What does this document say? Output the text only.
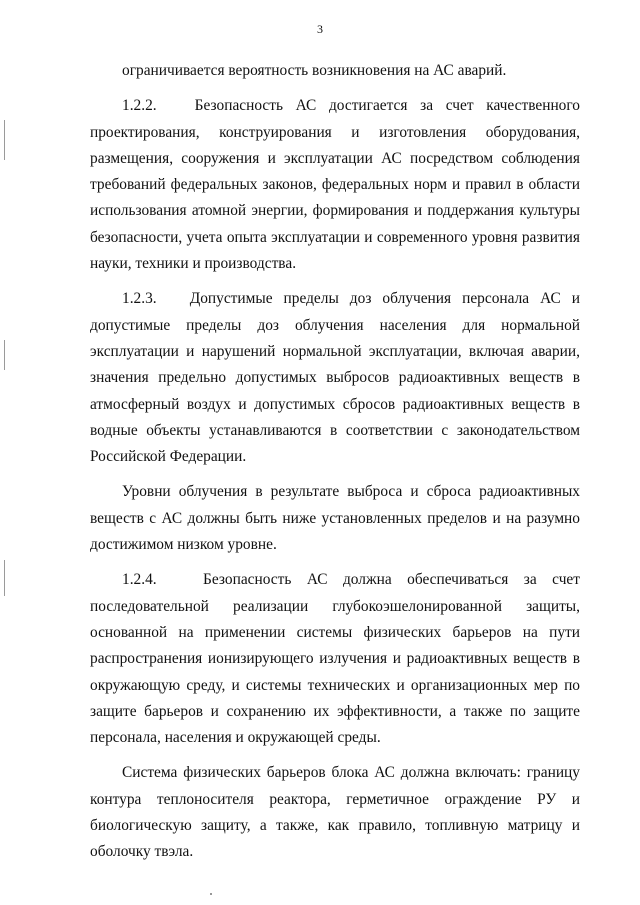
3

ограничивается вероятность возникновения на АС аварий.

1.2.2.   Безопасность АС достигается за счет качественного проектирования, конструирования и изготовления оборудования, размещения, сооружения и эксплуатации АС посредством соблюдения требований федеральных законов, федеральных норм и правил в области использования атомной энергии, формирования и поддержания культуры безопасности, учета опыта эксплуатации и современного уровня развития науки, техники и производства.

1.2.3.   Допустимые пределы доз облучения персонала АС и допустимые пределы доз облучения населения для нормальной эксплуатации и нарушений нормальной эксплуатации, включая аварии, значения предельно допустимых выбросов радиоактивных веществ в атмосферный воздух и допустимых сбросов радиоактивных веществ в водные объекты устанавливаются в соответствии с законодательством Российской Федерации.

Уровни облучения в результате выброса и сброса радиоактивных веществ с АС должны быть ниже установленных пределов и на разумно достижимом низком уровне.

1.2.4.   Безопасность АС должна обеспечиваться за счет последовательной реализации глубокоэшелонированной защиты, основанной на применении системы физических барьеров на пути распространения ионизирующего излучения и радиоактивных веществ в окружающую среду, и системы технических и организационных мер по защите барьеров и сохранению их эффективности, а также по защите персонала, населения и окружающей среды.

Система физических барьеров блока АС должна включать: границу контура теплоносителя реактора, герметичное ограждение РУ и биологическую защиту, а также, как правило, топливную матрицу и оболочку твэла.
